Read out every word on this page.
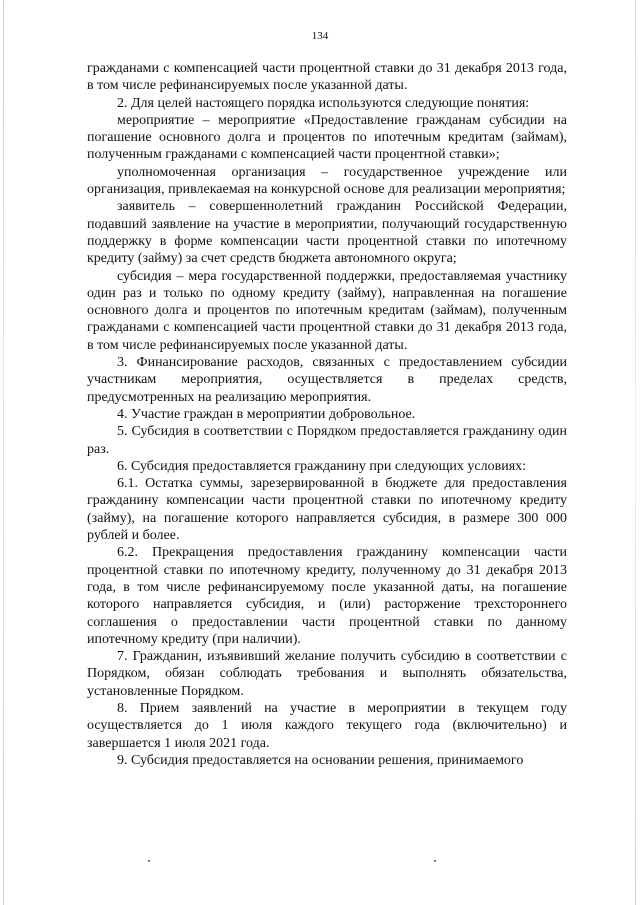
134

гражданами с компенсацией части процентной ставки до 31 декабря 2013 года, в том числе рефинансируемых после указанной даты.

2. Для целей настоящего порядка используются следующие понятия:

мероприятие – мероприятие «Предоставление гражданам субсидии на погашение основного долга и процентов по ипотечным кредитам (займам), полученным гражданами с компенсацией части процентной ставки»;

уполномоченная организация – государственное учреждение или организация, привлекаемая на конкурсной основе для реализации мероприятия;

заявитель – совершеннолетний гражданин Российской Федерации, подавший заявление на участие в мероприятии, получающий государственную поддержку в форме компенсации части процентной ставки по ипотечному кредиту (займу) за счет средств бюджета автономного округа;

субсидия – мера государственной поддержки, предоставляемая участнику один раз и только по одному кредиту (займу), направленная на погашение основного долга и процентов по ипотечным кредитам (займам), полученным гражданами с компенсацией части процентной ставки до 31 декабря 2013 года, в том числе рефинансируемых после указанной даты.

3. Финансирование расходов, связанных с предоставлением субсидии участникам мероприятия, осуществляется в пределах средств, предусмотренных на реализацию мероприятия.

4. Участие граждан в мероприятии добровольное.

5. Субсидия в соответствии с Порядком предоставляется гражданину один раз.

6. Субсидия предоставляется гражданину при следующих условиях:

6.1. Остатка суммы, зарезервированной в бюджете для предоставления гражданину компенсации части процентной ставки по ипотечному кредиту (займу), на погашение которого направляется субсидия, в размере 300 000 рублей и более.

6.2. Прекращения предоставления гражданину компенсации части процентной ставки по ипотечному кредиту, полученному до 31 декабря 2013 года, в том числе рефинансируемому после указанной даты, на погашение которого направляется субсидия, и (или) расторжение трехстороннего соглашения о предоставлении части процентной ставки по данному ипотечному кредиту (при наличии).

7. Гражданин, изъявивший желание получить субсидию в соответствии с Порядком, обязан соблюдать требования и выполнять обязательства, установленные Порядком.

8. Прием заявлений на участие в мероприятии в текущем году осуществляется до 1 июля каждого текущего года (включительно) и завершается 1 июля 2021 года.

9. Субсидия предоставляется на основании решения, принимаемого
